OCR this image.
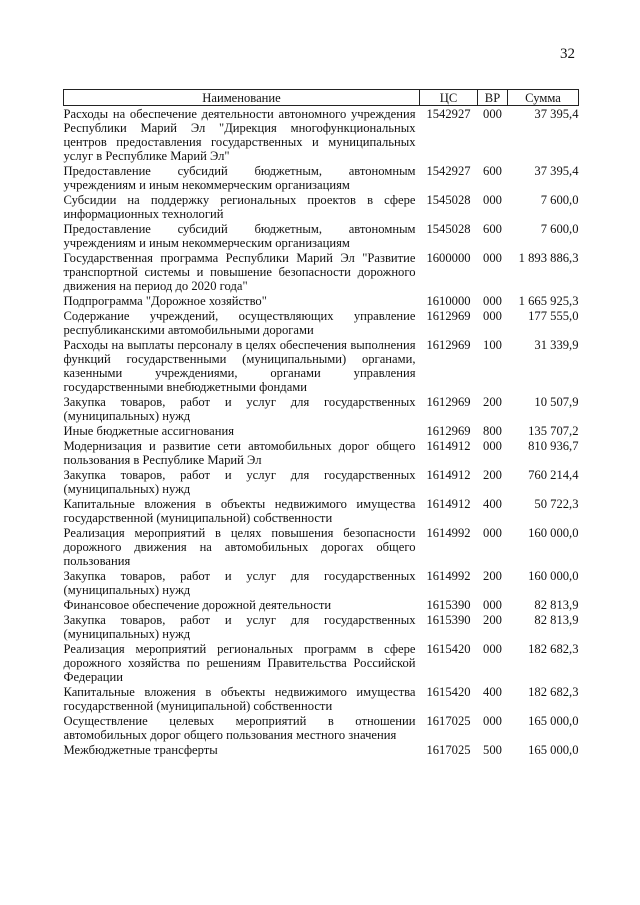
32
Наименование	ЦС	ВР	Сумма
Расходы на обеспечение деятельности автономного учреждения Республики Марий Эл "Дирекция многофункциональных центров предоставления государственных и муниципальных услуг в Республике Марий Эл"	1542927	000	37 395,4
Предоставление субсидий бюджетным, автономным учреждениям и иным некоммерческим организациям	1542927	600	37 395,4
Субсидии на поддержку региональных проектов в сфере информационных технологий	1545028	000	7 600,0
Предоставление субсидий бюджетным, автономным учреждениям и иным некоммерческим организациям	1545028	600	7 600,0
Государственная программа Республики Марий Эл "Развитие транспортной системы и повышение безопасности дорожного движения на период до 2020 года"	1600000	000	1 893 886,3
Подпрограмма "Дорожное хозяйство"	1610000	000	1 665 925,3
Содержание учреждений, осуществляющих управление республиканскими автомобильными дорогами	1612969	000	177 555,0
Расходы на выплаты персоналу в целях обеспечения выполнения функций государственными (муниципальными) органами, казенными учреждениями, органами управления государственными внебюджетными фондами	1612969	100	31 339,9
Закупка товаров, работ и услуг для государственных (муниципальных) нужд	1612969	200	10 507,9
Иные бюджетные ассигнования	1612969	800	135 707,2
Модернизация и развитие сети автомобильных дорог общего пользования в Республике Марий Эл	1614912	000	810 936,7
Закупка товаров, работ и услуг для государственных (муниципальных) нужд	1614912	200	760 214,4
Капитальные вложения в объекты недвижимого имущества государственной (муниципальной) собственности	1614912	400	50 722,3
Реализация мероприятий в целях повышения безопасности дорожного движения на автомобильных дорогах общего пользования	1614992	000	160 000,0
Закупка товаров, работ и услуг для государственных (муниципальных) нужд	1614992	200	160 000,0
Финансовое обеспечение дорожной деятельности	1615390	000	82 813,9
Закупка товаров, работ и услуг для государственных (муниципальных) нужд	1615390	200	82 813,9
Реализация мероприятий региональных программ в сфере дорожного хозяйства по решениям Правительства Российской Федерации	1615420	000	182 682,3
Капитальные вложения в объекты недвижимого имущества государственной (муниципальной) собственности	1615420	400	182 682,3
Осуществление целевых мероприятий в отношении автомобильных дорог общего пользования местного значения	1617025	000	165 000,0
Межбюджетные трансферты	1617025	500	165 000,0
